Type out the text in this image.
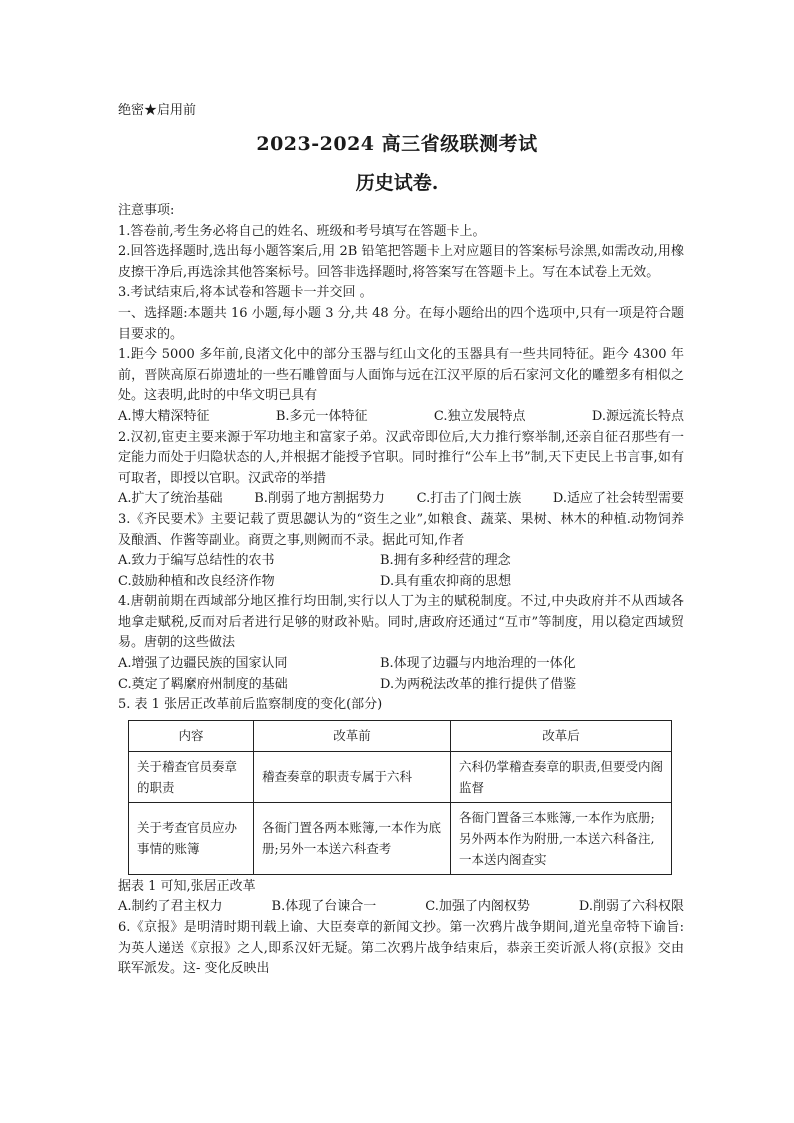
绝密★启用前
2023-2024 高三省级联测考试
历史试卷.

注意事项:

1.答卷前,考生务必将自己的姓名、班级和考号填写在答题卡上。

2.回答选择题时,选出每小题答案后,用 2B 铅笔把答题卡上对应题目的答案标号涂黑,如需改动,用橡皮擦干净后,再选涂其他答案标号。回答非选择题时,将答案写在答题卡上。写在本试卷上无效。

3.考试结束后,将本试卷和答题卡一并交回 。

一、选择题:本题共 16 小题,每小题 3 分,共 48 分。在每小题给出的四个选项中,只有一项是符合题目要求的。

1.距今 5000 多年前,良渚文化中的部分玉器与红山文化的玉器具有一些共同特征。距今 4300 年前，晋陕高原石峁遗址的一些石雕曾面与人面饰与远在江汉平原的后石家河文化的雕塑多有相似之处。这表明,此时的中华文明已具有

A.博大精深特征	B.多元一体特征	C.独立发展特点	D.源远流长特点

2.汉初,宦吏主要来源于军功地主和富家子弟。汉武帝即位后,大力推行察举制,还亲自征召那些有一定能力而处于归隐状态的人,并根据才能授予官职。同时推行“公车上书”制,天下吏民上书言事,如有可取者，即授以官职。汉武帝的举措

A.扩大了统治基础 B.削弱了地方割据势力 C.打击了门阀士族 D.适应了社会转型需要

3.《齐民要术》主要记载了贾思勰认为的“资生之业”,如粮食、蔬菜、果树、林木的种植.动物饲养及酿酒、作酱等副业。商贾之事,则阙而不录。据此可知,作者

A.致力于编写总结性的农书	B.拥有多种经营的理念
C.鼓励种植和改良经济作物	D.具有重农抑商的思想

4.唐朝前期在西域部分地区推行均田制,实行以人丁为主的赋税制度。不过,中央政府并不从西域各地拿走赋税,反而对后者进行足够的财政补贴。同时,唐政府还通过“互市”等制度，用以稳定西域贸易。唐朝的这些做法

A.增强了边疆民族的国家认同	B.体现了边疆与内地治理的一体化
C.奠定了羁縻府州制度的基础	D.为两税法改革的推行提供了借鉴

5. 表 1 张居正改革前后监察制度的变化(部分)

内容	改革前	改革后
关于稽查官员奏章的职责	稽查奏章的职责专属于六科	六科仍掌稽查奏章的职责,但要受内阁监督
关于考查官员应办事情的账簿	各衙门置各两本账簿,一本作为底册;另外一本送六科查考	各衙门置备三本账簿,一本作为底册;另外两本作为附册,一本送六科备注,一本送内阁查实

据表 1 可知,张居正改革

A.制约了君主权力	B.体现了台谏合一	C.加强了内阁权势	D.削弱了六科权限

6.《京报》是明清时期刊载上谕、大臣奏章的新闻文抄。第一次鸦片战争期间,道光皇帝特下谕旨:为英人递送《京报》之人,即系汉奸无疑。第二次鸦片战争结束后，恭亲王奕䜣派人将(京报》交由联军派发。这- 变化反映出
